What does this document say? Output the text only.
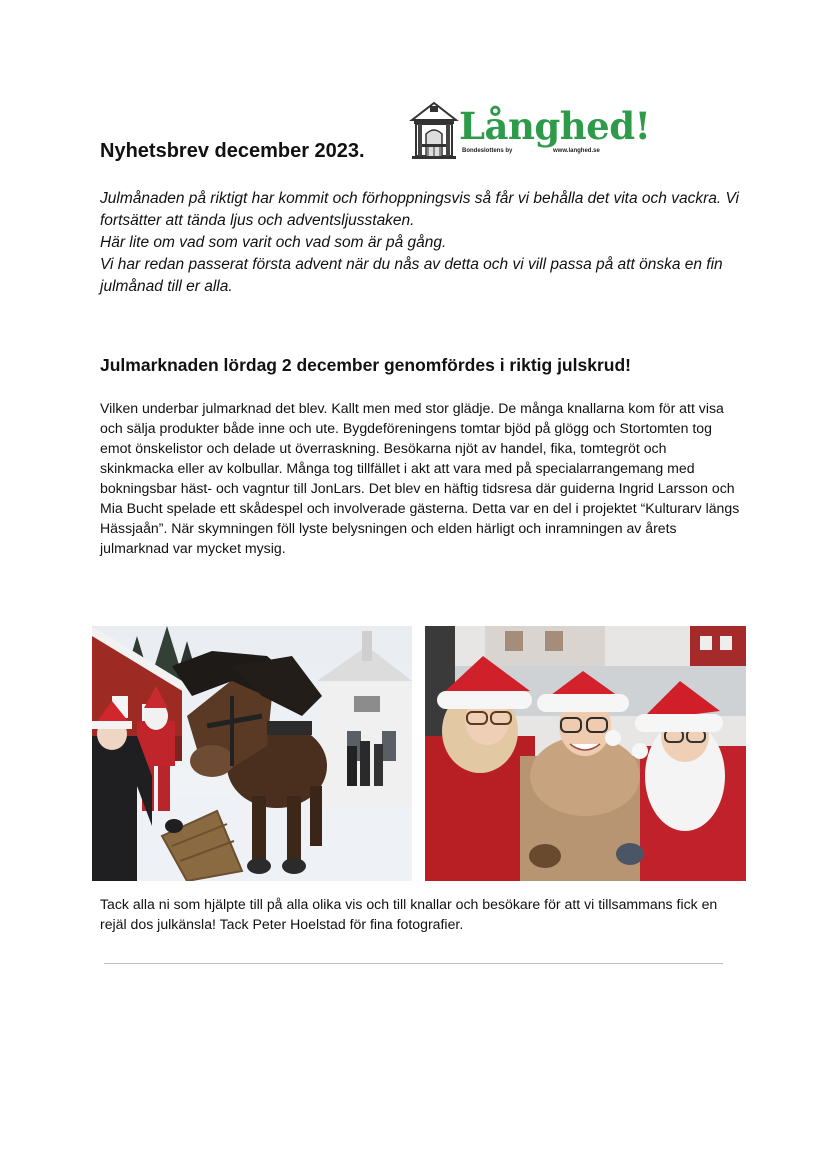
Nyhetsbrev december 2023.
Långhed!
Bondeslottens by	www.langhed.se

Julmånaden på riktigt har kommit och förhoppningsvis så får vi behålla det vita och vackra. Vi fortsätter att tända ljus och adventsljusstaken.

Här lite om vad som varit och vad som är på gång.

Vi har redan passerat första advent när du nås av detta och vi vill passa på att önska en fin julmånad till er alla.

Julmarknaden lördag 2 december genomfördes i riktig julskrud!

Vilken underbar julmarknad det blev. Kallt men med stor glädje. De många knallarna kom för att visa och sälja produkter både inne och ute. Bygdeföreningens tomtar bjöd på glögg och Stortomten tog emot önskelistor och delade ut överraskning. Besökarna njöt av handel, fika, tomtegröt och skinkmacka eller av kolbullar. Många tog tillfället i akt att vara med på specialarrangemang med bokningsbar häst- och vagntur till JonLars. Det blev en häftig tidsresa där guiderna Ingrid Larsson och Mia Bucht spelade ett skådespel och involverade gästerna. Detta var en del i projektet “Kulturarv längs Hässjaån”. När skymningen föll lyste belysningen och elden härligt och inramningen av årets julmarknad var mycket mysig.

Tack alla ni som hjälpte till på alla olika vis och till knallar och besökare för att vi tillsammans fick en rejäl dos julkänsla! Tack Peter Hoelstad för fina fotografier.
